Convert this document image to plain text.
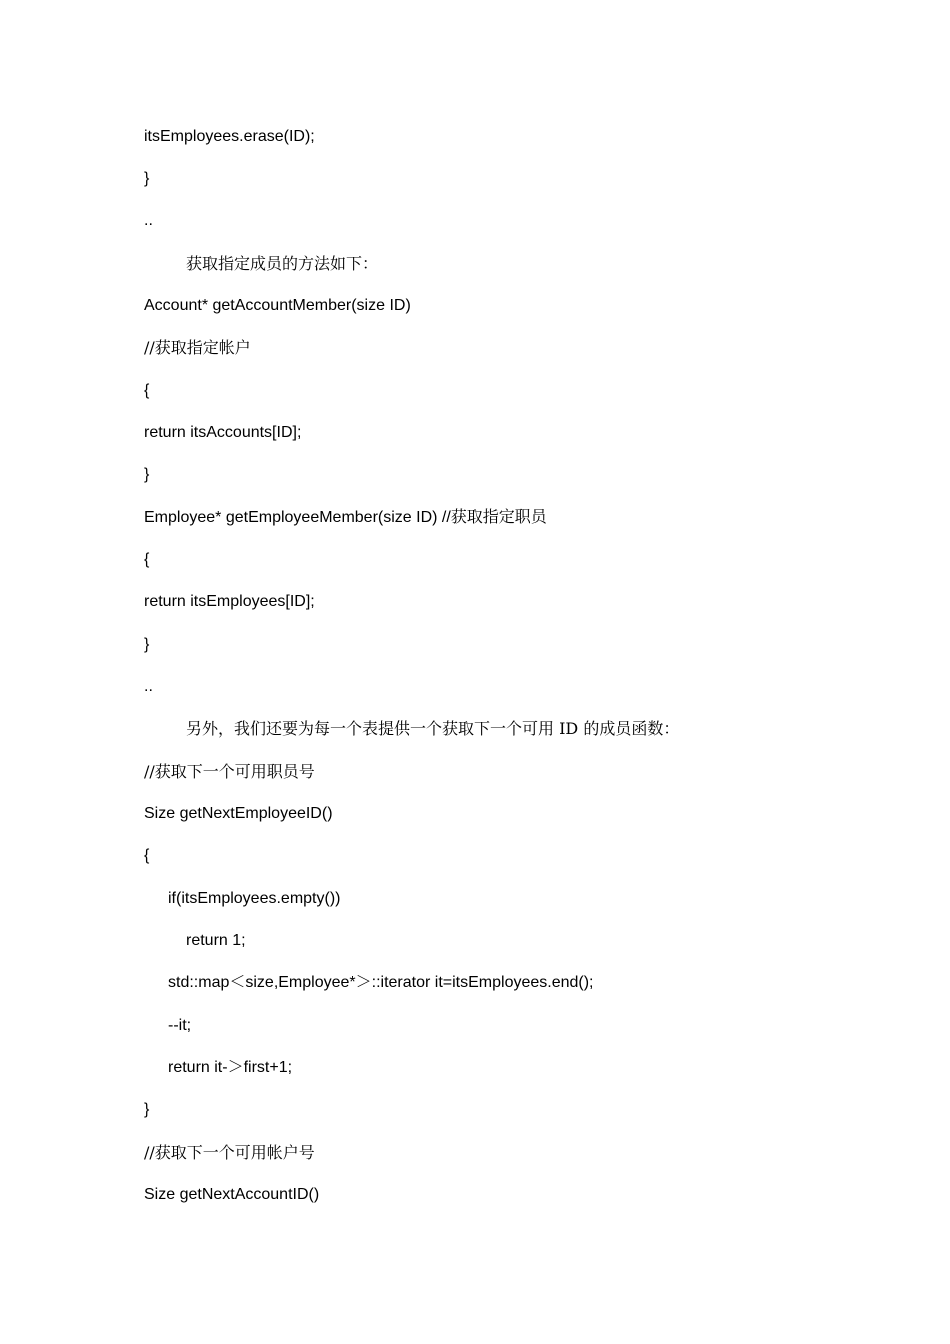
itsEmployees.erase(ID);
}
..
获取指定成员的方法如下：
Account* getAccountMember(size ID)
//获取指定帐户
{
return itsAccounts[ID];
}
Employee* getEmployeeMember(size ID) //获取指定职员
{
return itsEmployees[ID];
}
..
另外，我们还要为每一个表提供一个获取下一个可用 ID 的成员函数：
//获取下一个可用职员号
Size getNextEmployeeID()
{
if(itsEmployees.empty())
return 1;
std::map＜size,Employee*＞::iterator it=itsEmployees.end();
--it;
return it-＞first+1;
}
//获取下一个可用帐户号
Size getNextAccountID()
